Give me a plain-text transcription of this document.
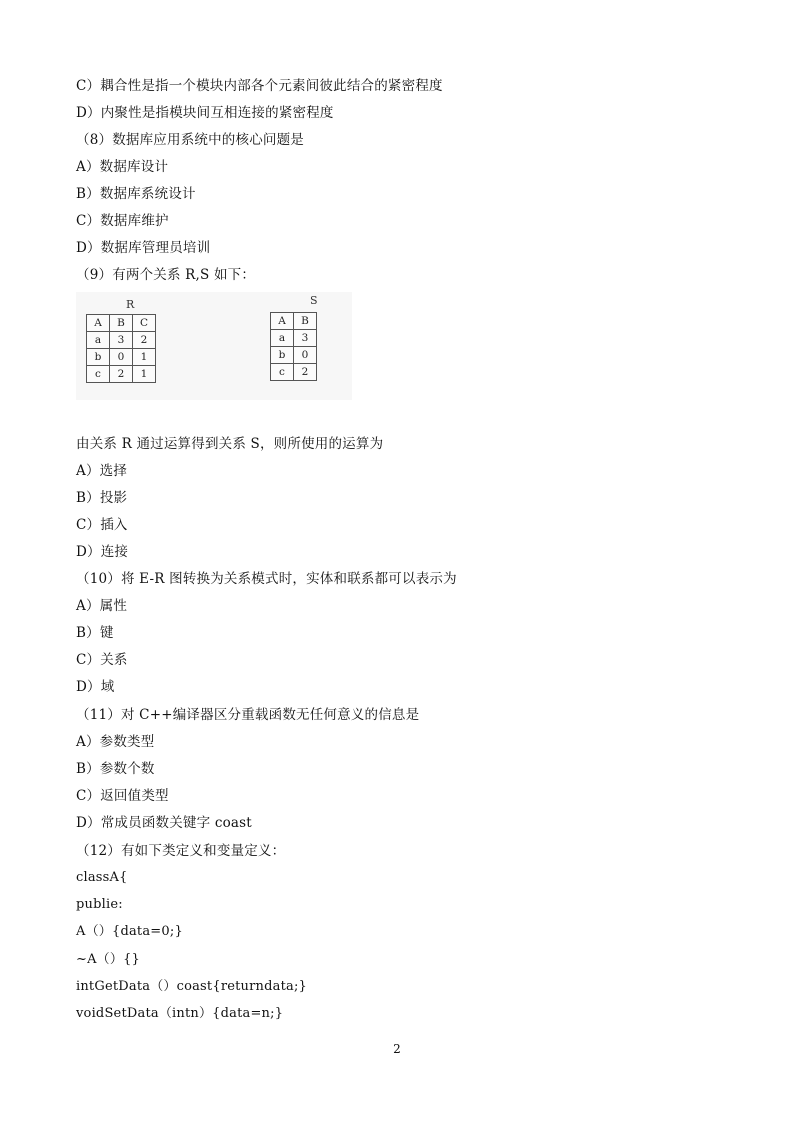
C）耦合性是指一个模块内部各个元素间彼此结合的紧密程度
D）内聚性是指模块间互相连接的紧密程度
（8）数据库应用系统中的核心问题是
A）数据库设计
B）数据库系统设计
C）数据库维护
D）数据库管理员培训
（9）有两个关系 R,S 如下：
R
A	B	C
a	3	2
b	0	1
c	2	1
S
A	B
a	3
b	0
c	2
由关系 R 通过运算得到关系 S，则所使用的运算为
A）选择
B）投影
C）插入
D）连接
（10）将 E-R 图转换为关系模式时，实体和联系都可以表示为
A）属性
B）键
C）关系
D）域
（11）对 C++编译器区分重载函数无任何意义的信息是
A）参数类型
B）参数个数
C）返回值类型
D）常成员函数关键字 coast
（12）有如下类定义和变量定义：
classA{
publie:
A（）{data=0;}
~A（）{}
intGetData（）coast{returndata;}
voidSetData（intn）{data=n;}
2
